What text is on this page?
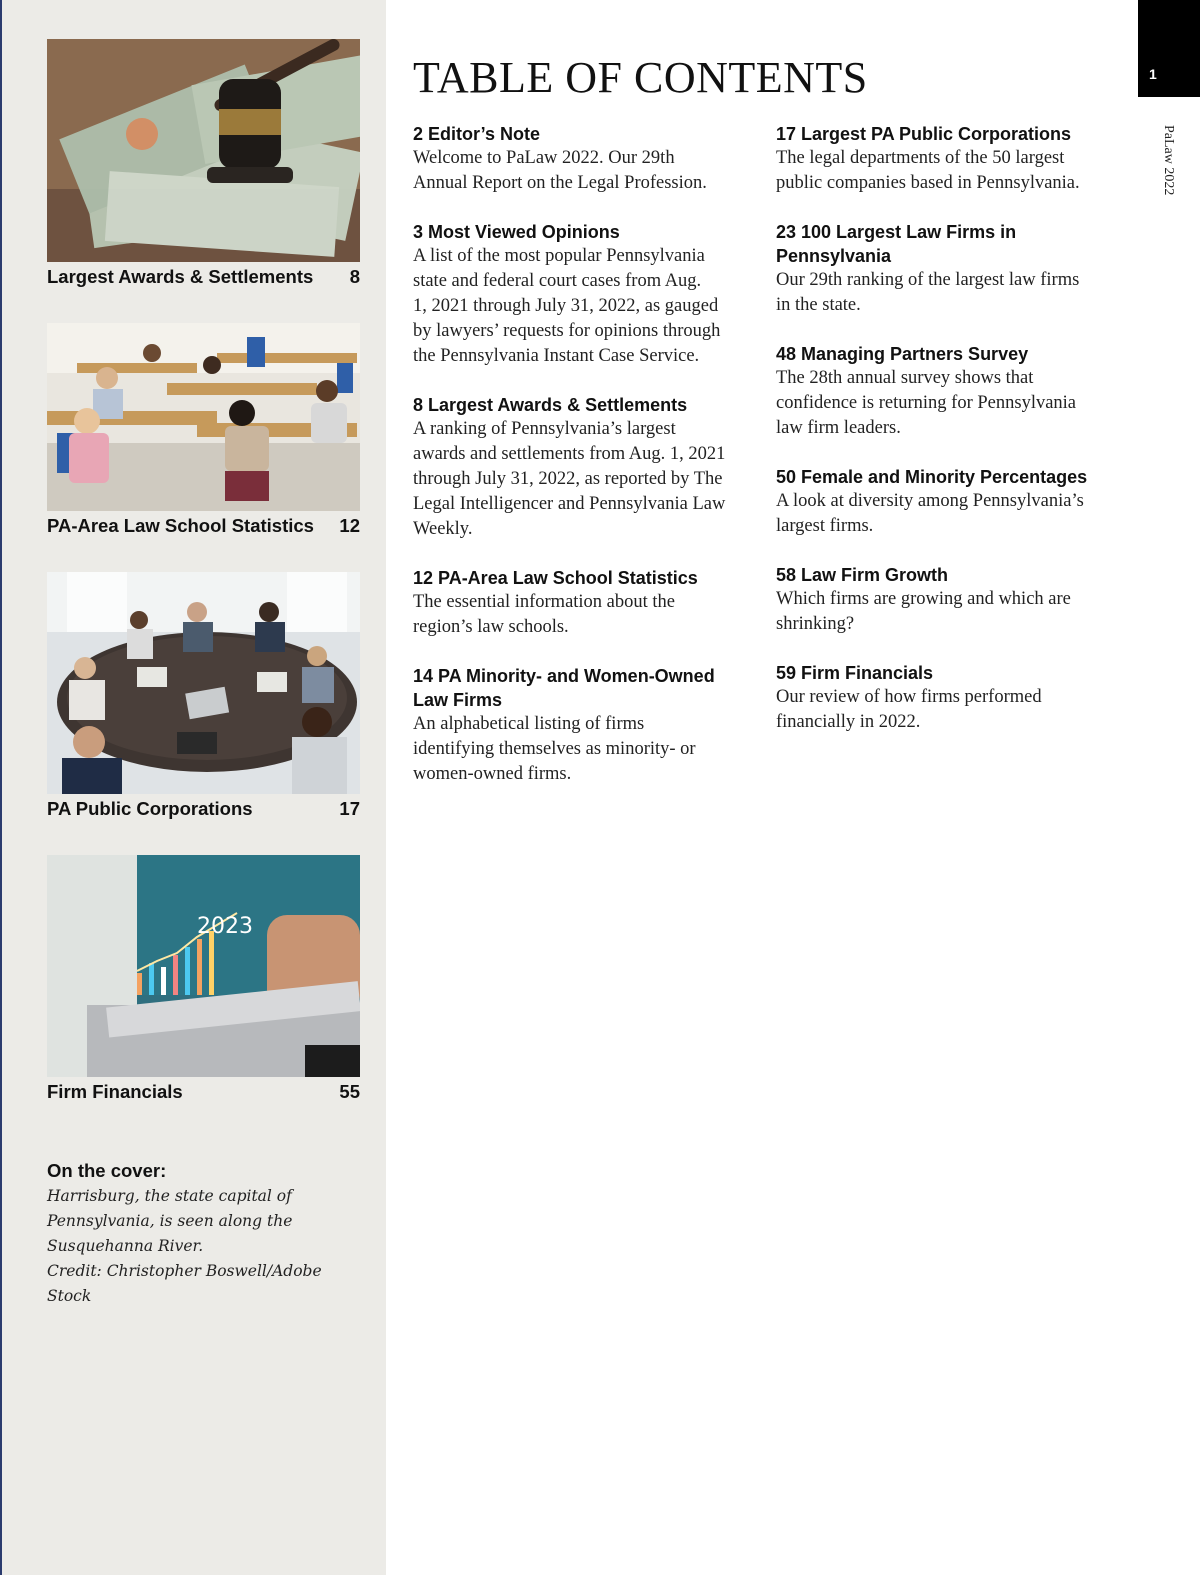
Largest Awards & Settlements 8
PA-Area Law School Statistics 12
PA Public Corporations	17
2023
Firm Financials	55
On the cover:
Harrisburg, the state capital of
Pennsylvania, is seen along the
Susquehanna River.
Credit: Christopher Boswell/Adobe Stock
TABLE OF CONTENTS
2 Editor’s Note
Welcome to PaLaw 2022. Our 29th
Annual Report on the Legal Profession.
3 Most Viewed Opinions
A list of the most popular Pennsylvania
state and federal court cases from Aug.
1, 2021 through July 31, 2022, as gauged
by lawyers’ requests for opinions through
the Pennsylvania Instant Case Service.
8 Largest Awards & Settlements
A ranking of Pennsylvania’s largest
awards and settlements from Aug. 1, 2021
through July 31, 2022, as reported by The
Legal Intelligencer and Pennsylvania Law
Weekly.
12 PA-Area Law School Statistics
The essential information about the
region’s law schools.
14 PA Minority- and Women-Owned
Law Firms
An alphabetical listing of firms
identifying themselves as minority- or
women-owned firms.
17 Largest PA Public Corporations
The legal departments of the 50 largest
public companies based in Pennsylvania.
23 100 Largest Law Firms in
Pennsylvania
Our 29th ranking of the largest law firms
in the state.
48 Managing Partners Survey
The 28th annual survey shows that
confidence is returning for Pennsylvania
law firm leaders.
50 Female and Minority Percentages
A look at diversity among Pennsylvania’s
largest firms.
58 Law Firm Growth
Which firms are growing and which are
shrinking?
59 Firm Financials
Our review of how firms performed
financially in 2022.
1
PaLaw 2022
